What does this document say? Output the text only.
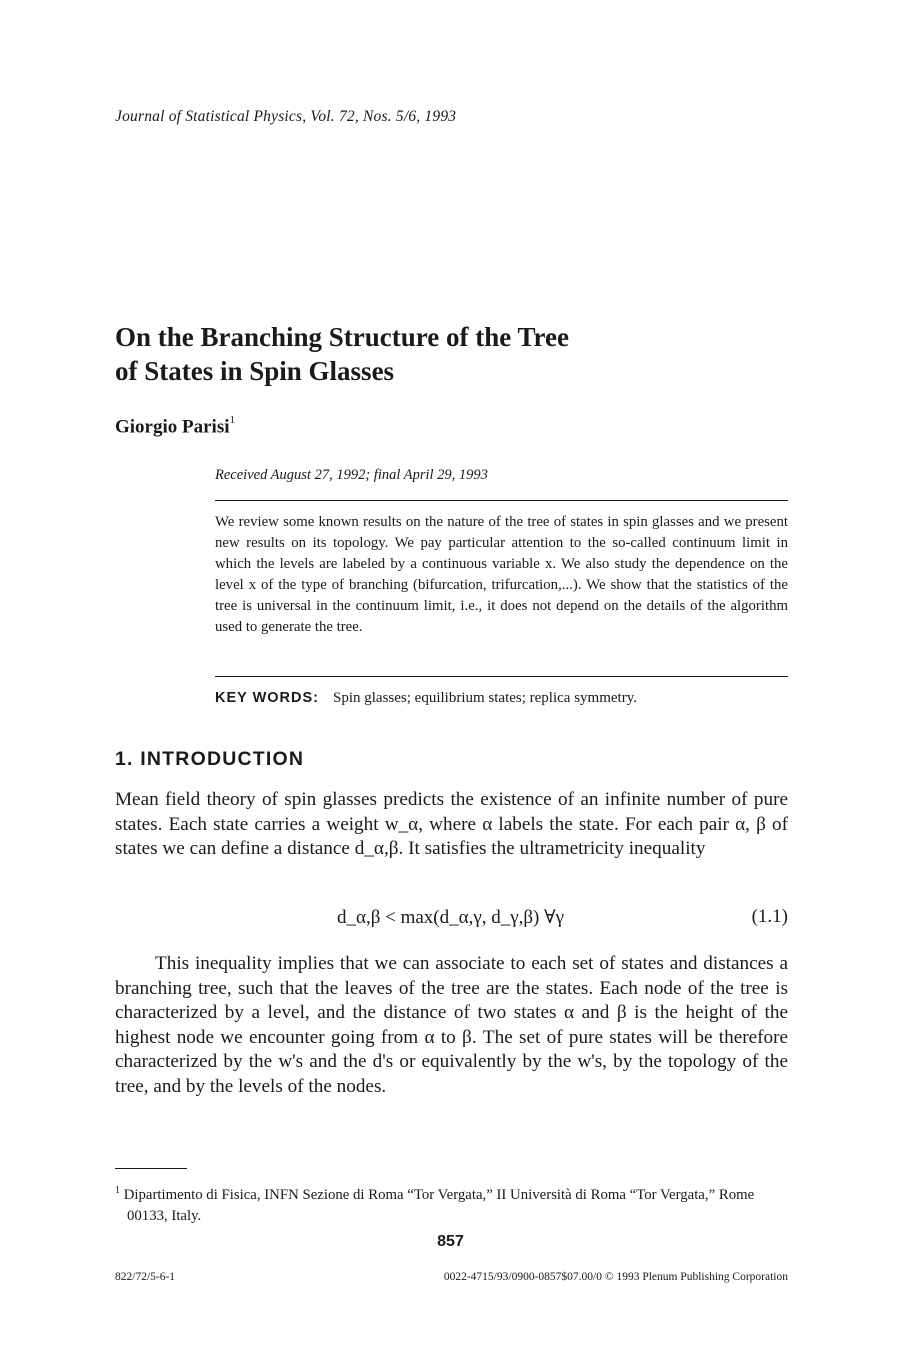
Journal of Statistical Physics, Vol. 72, Nos. 5/6, 1993
On the Branching Structure of the Tree
of States in Spin Glasses
Giorgio Parisi$^1$
Received August 27, 1992; final April 29, 1993

We review some known results on the nature of the tree of states in spin glasses and we present new results on its topology. We pay particular attention to the so-called continuum limit in which the levels are labeled by a continuous variable x. We also study the dependence on the level x of the type of branching (bifurcation, trifurcation,...). We show that the statistics of the tree is universal in the continuum limit, i.e., it does not depend on the details of the algorithm used to generate the tree.

KEY WORDS: Spin glasses; equilibrium states; replica symmetry.
1. INTRODUCTION

Mean field theory of spin glasses predicts the existence of an infinite number of pure states. Each state carries a weight w_α, where α labels the state. For each pair α, β of states we can define a distance d_α,β. It satisfies the ultrametricity inequality

d_α,β < max(d_α,γ, d_γ,β) ∀γ	(1.1)

This inequality implies that we can associate to each set of states and distances a branching tree, such that the leaves of the tree are the states. Each node of the tree is characterized by a level, and the distance of two states α and β is the height of the highest node we encounter going from α to β. The set of pure states will be therefore characterized by the w's and the d's or equivalently by the w's, by the topology of the tree, and by the levels of the nodes.

$^1$ Dipartimento di Fisica, INFN Sezione di Roma “Tor Vergata,” II Università di Roma “Tor Vergata,” Rome 00133, Italy.

857
822/72/5-6-1	0022-4715/93/0900-0857$07.00/0 © 1993 Plenum Publishing Corporation
